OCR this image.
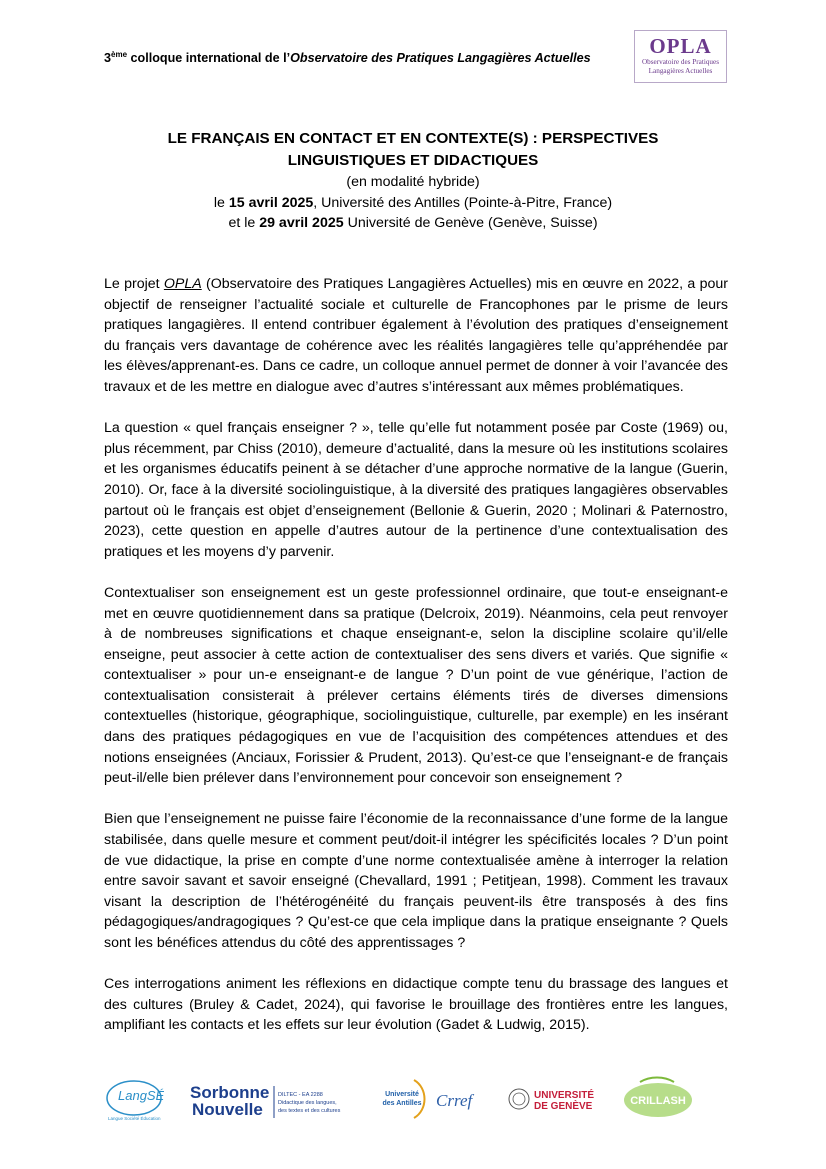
3ème colloque international de l’Observatoire des Pratiques Langagières Actuelles	OPLA
Observatoire des Pratiques
Langagières Actuelles

LE FRANÇAIS EN CONTACT ET EN CONTEXTE(S) : PERSPECTIVES

LINGUISTIQUES ET DIDACTIQUES

(en modalité hybride)

le 15 avril 2025, Université des Antilles (Pointe-à-Pitre, France)

et le 29 avril 2025 Université de Genève (Genève, Suisse)

Le projet OPLA (Observatoire des Pratiques Langagières Actuelles) mis en œuvre en 2022, a pour objectif de renseigner l’actualité sociale et culturelle de Francophones par le prisme de leurs pratiques langagières. Il entend contribuer également à l’évolution des pratiques d’enseignement du français vers davantage de cohérence avec les réalités langagières telle qu’appréhendée par les élèves/apprenant-es. Dans ce cadre, un colloque annuel permet de donner à voir l’avancée des travaux et de les mettre en dialogue avec d’autres s’intéressant aux mêmes problématiques.

La question « quel français enseigner ? », telle qu’elle fut notamment posée par Coste (1969) ou, plus récemment, par Chiss (2010), demeure d’actualité, dans la mesure où les institutions scolaires et les organismes éducatifs peinent à se détacher d’une approche normative de la langue (Guerin, 2010). Or, face à la diversité sociolinguistique, à la diversité des pratiques langagières observables partout où le français est objet d’enseignement (Bellonie & Guerin, 2020 ; Molinari & Paternostro, 2023), cette question en appelle d’autres autour de la pertinence d’une contextualisation des pratiques et les moyens d’y parvenir.

Contextualiser son enseignement est un geste professionnel ordinaire, que tout-e enseignant-e met en œuvre quotidiennement dans sa pratique (Delcroix, 2019). Néanmoins, cela peut renvoyer à de nombreuses significations et chaque enseignant-e, selon la discipline scolaire qu’il/elle enseigne, peut associer à cette action de contextualiser des sens divers et variés. Que signifie « contextualiser » pour un-e enseignant-e de langue ? D’un point de vue générique, l’action de contextualisation consisterait à prélever certains éléments tirés de diverses dimensions contextuelles (historique, géographique, sociolinguistique, culturelle, par exemple) en les insérant dans des pratiques pédagogiques en vue de l’acquisition des compétences attendues et des notions enseignées (Anciaux, Forissier & Prudent, 2013). Qu’est-ce que l’enseignant-e de français peut-il/elle bien prélever dans l’environnement pour concevoir son enseignement ?

Bien que l’enseignement ne puisse faire l’économie de la reconnaissance d’une forme de la langue stabilisée, dans quelle mesure et comment peut/doit-il intégrer les spécificités locales ? D’un point de vue didactique, la prise en compte d’une norme contextualisée amène à interroger la relation entre savoir savant et savoir enseigné (Chevallard, 1991 ; Petitjean, 1998). Comment les travaux visant la description de l’hétérogénéité du français peuvent-ils être transposés à des fins pédagogiques/andragogiques ? Qu’est-ce que cela implique dans la pratique enseignante ? Quels sont les bénéfices attendus du côté des apprentissages ?

Ces interrogations animent les réflexions en didactique compte tenu du brassage des langues et des cultures (Bruley & Cadet, 2024), qui favorise le brouillage des frontières entre les langues, amplifiant les contacts et les effets sur leur évolution (Gadet & Ludwig, 2015).

LangSÉ
Langue Société Éducation
Sorbonne
Nouvelle
DILTEC - EA 2288
Didactique des langues,
des textes et des cultures
Université
des Antilles Crref	UNIVERSITÉ
DE GENÈVE	CRILLASH
